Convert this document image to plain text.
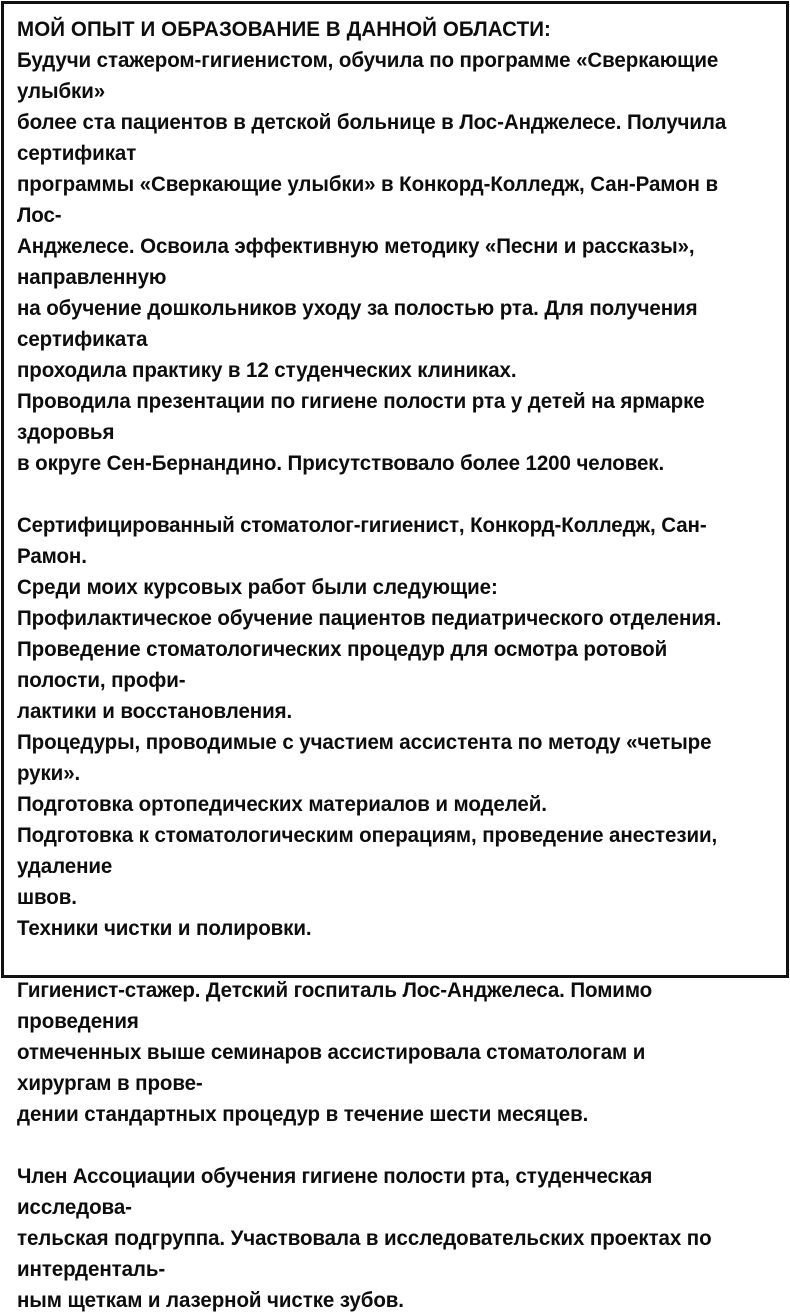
МОЙ ОПЫТ И ОБРАЗОВАНИЕ В ДАННОЙ ОБЛАСТИ:
Будучи стажером-гигиенистом, обучила по программе «Сверкающие улыбки»
более ста пациентов в детской больнице в Лос-Анджелесе. Получила сертификат
программы «Сверкающие улыбки» в Конкорд-Колледж, Сан-Рамон в Лос-
Анджелесе. Освоила эффективную методику «Песни и рассказы», направленную
на обучение дошкольников уходу за полостью рта. Для получения сертификата
проходила практику в 12 студенческих клиниках.
Проводила презентации по гигиене полости рта у детей на ярмарке здоровья
в округе Сен-Бернандино. Присутствовало более 1200 человек.
Сертифицированный стоматолог-гигиенист, Конкорд-Колледж, Сан-Рамон.
Среди моих курсовых работ были следующие:
Профилактическое обучение пациентов педиатрического отделения.
Проведение стоматологических процедур для осмотра ротовой полости, профи-
лактики и восстановления.
Процедуры, проводимые с участием ассистента по методу «четыре руки».
Подготовка ортопедических материалов и моделей.
Подготовка к стоматологическим операциям, проведение анестезии, удаление
швов.
Техники чистки и полировки.
Гигиенист-стажер. Детский госпиталь Лос-Анджелеса. Помимо проведения
отмеченных выше семинаров ассистировала стоматологам и хирургам в прове-
дении стандартных процедур в течение шести месяцев.
Член Ассоциации обучения гигиене полости рта, студенческая исследова-
тельская подгруппа. Участвовала в исследовательских проектах по интерденталь-
ным щеткам и лазерной чистке зубов.
